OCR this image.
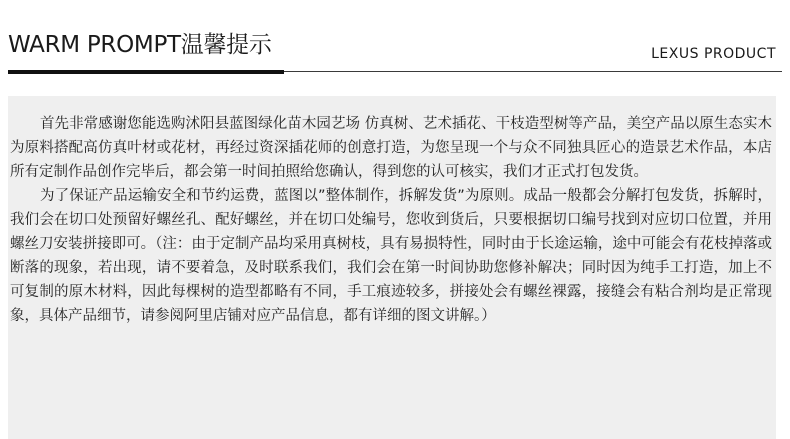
WARM PROMPT温馨提示	LEXUS PRODUCT

首先非常感谢您能选购沭阳县蓝图绿化苗木园艺场 仿真树、艺术插花、干枝造型树等产品，美空产品以原生态实木为原料搭配高仿真叶材或花材，再经过资深插花师的创意打造，为您呈现一个与众不同独具匠心的造景艺术作品，本店所有定制作品创作完毕后，都会第一时间拍照给您确认，得到您的认可核实，我们才正式打包发货。

为了保证产品运输安全和节约运费，蓝图以”整体制作，拆解发货”为原则。成品一般都会分解打包发货，拆解时，我们会在切口处预留好螺丝孔、配好螺丝，并在切口处编号，您收到货后，只要根据切口编号找到对应切口位置，并用螺丝刀安装拼接即可。（注：由于定制产品均采用真树枝，具有易损特性，同时由于长途运输，途中可能会有花枝掉落或断落的现象，若出现，请不要着急，及时联系我们，我们会在第一时间协助您修补解决；同时因为纯手工打造，加上不可复制的原木材料，因此每棵树的造型都略有不同，手工痕迹较多，拼接处会有螺丝裸露，接缝会有粘合剂均是正常现象，具体产品细节，请参阅阿里店铺对应产品信息，都有详细的图文讲解。）
